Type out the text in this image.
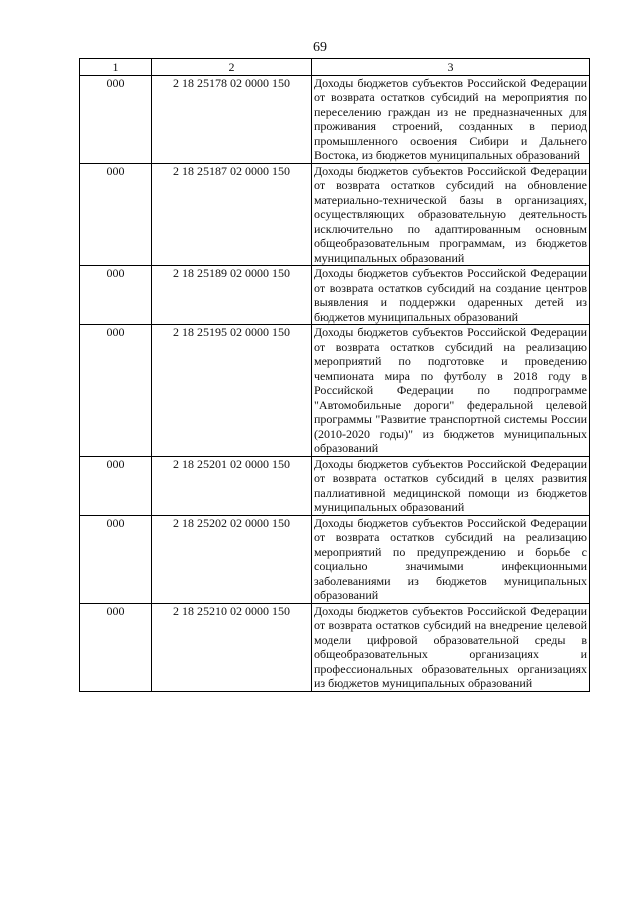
69
1	2	3
000	2 18 25178 02 0000 150	Доходы бюджетов субъектов Российской Федерации от возврата остатков субсидий на мероприятия по переселению граждан из не предназначенных для проживания строений, созданных в период промышленного освоения Сибири и Дальнего Востока, из бюджетов муниципальных образований
000	2 18 25187 02 0000 150	Доходы бюджетов субъектов Российской Федерации от возврата остатков субсидий на обновление материально-технической базы в организациях, осуществляющих образовательную деятельность исключительно по адаптированным основным общеобразовательным программам, из бюджетов муниципальных образований
000	2 18 25189 02 0000 150	Доходы бюджетов субъектов Российской Федерации от возврата остатков субсидий на создание центров выявления и поддержки одаренных детей из бюджетов муниципальных образований
000	2 18 25195 02 0000 150	Доходы бюджетов субъектов Российской Федерации от возврата остатков субсидий на реализацию мероприятий по подготовке и проведению чемпионата мира по футболу в 2018 году в Российской Федерации по подпрограмме "Автомобильные дороги" федеральной целевой программы "Развитие транспортной системы России (2010-2020 годы)" из бюджетов муниципальных образований
000	2 18 25201 02 0000 150	Доходы бюджетов субъектов Российской Федерации от возврата остатков субсидий в целях развития паллиативной медицинской помощи из бюджетов муниципальных образований
000	2 18 25202 02 0000 150	Доходы бюджетов субъектов Российской Федерации от возврата остатков субсидий на реализацию мероприятий по предупреждению и борьбе с социально значимыми инфекционными заболеваниями из бюджетов муниципальных образований
000	2 18 25210 02 0000 150	Доходы бюджетов субъектов Российской Федерации от возврата остатков субсидий на внедрение целевой модели цифровой образовательной среды в общеобразовательных организациях и профессиональных образовательных организациях из бюджетов муниципальных образований
